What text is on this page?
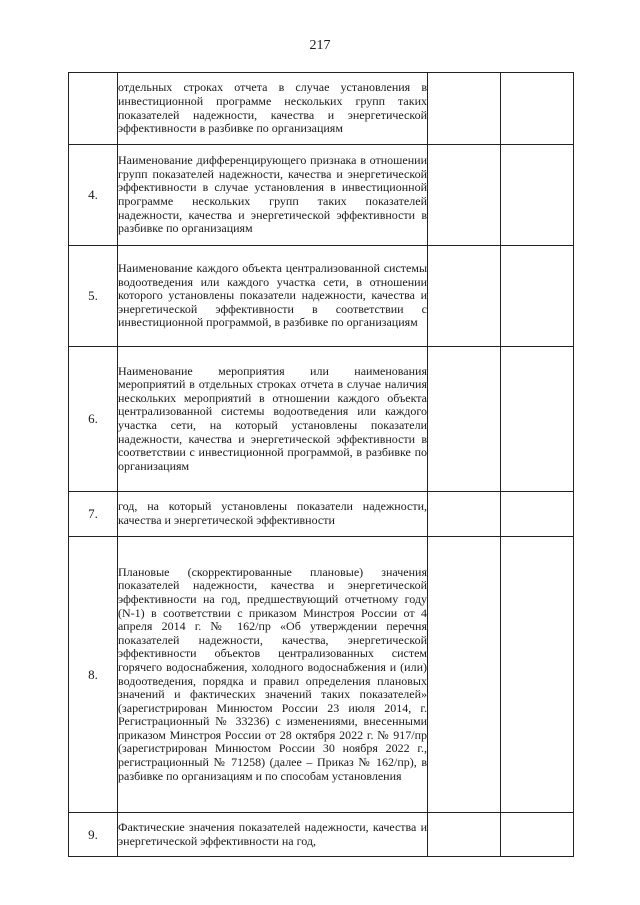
217

	отдельных строках отчета в случае установления в инвестиционной программе нескольких групп таких показателей надежности, качества и энергетической эффективности в разбивке по организациям		

4.	Наименование дифференцирующего признака в отношении групп показателей надежности, качества и энергетической эффективности в случае установления в инвестиционной программе нескольких групп таких показателей надежности, качества и энергетической эффективности в разбивке по организациям		

5.	Наименование каждого объекта централизованной системы водоотведения или каждого участка сети, в отношении которого установлены показатели надежности, качества и энергетической эффективности в соответствии с инвестиционной программой, в разбивке по организациям		

6.	Наименование мероприятия или наименования мероприятий в отдельных строках отчета в случае наличия нескольких мероприятий в отношении каждого объекта централизованной системы водоотведения или каждого участка сети, на который установлены показатели надежности, качества и энергетической эффективности в соответствии с инвестиционной программой, в разбивке по организациям		

7.	год, на который установлены показатели надежности, качества и энергетической эффективности		

8.	Плановые (скорректированные плановые) значения показателей надежности, качества и энергетической эффективности на год, предшествующий отчетному году (N-1) в соответствии с приказом Минстроя России от 4 апреля 2014 г. № 162/пр «Об утверждении перечня показателей надежности, качества, энергетической эффективности объектов централизованных систем горячего водоснабжения, холодного водоснабжения и (или) водоотведения, порядка и правил определения плановых значений и фактических значений таких показателей» (зарегистрирован Минюстом России 23 июля 2014, г. Регистрационный № 33236) с изменениями, внесенными приказом Минстроя России от 28 октября 2022 г. № 917/пр (зарегистрирован Минюстом России 30 ноября 2022 г., регистрационный № 71258) (далее – Приказ № 162/пр), в разбивке по организациям и по способам установления		

9.	Фактические значения показателей надежности, качества и энергетической эффективности на год,		
